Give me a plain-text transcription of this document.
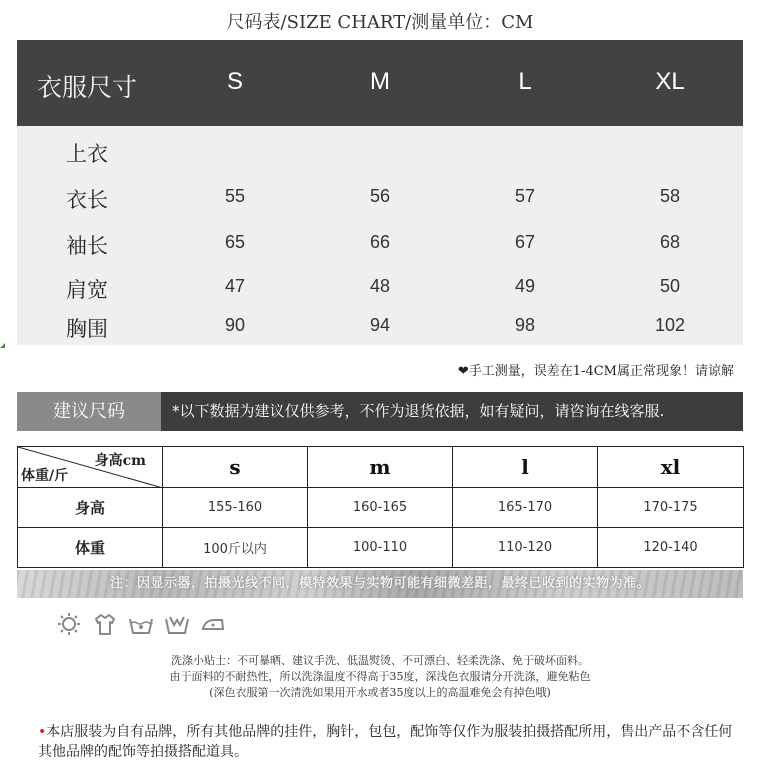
尺码表/SIZE CHART/测量单位：CM
衣服尺寸	S	M	L	XL
上衣
衣长	55	56	57	58
袖长	65	66	67	68
肩宽	47	48	49	50
胸围	90	94	98	102
❤手工测量，误差在1-4CM属正常现象！请谅解
建议尺码	*以下数据为建议仅供参考，不作为退货依据，如有疑问，请咨询在线客服.
身高cm
体重/斤	s	m	l	xl
身高	155-160	160-165	165-170	170-175
体重	100斤以内	100-110	110-120	120-140
注：因显示器，拍摄光线不同，模特效果与实物可能有细微差距，最终已收到的实物为准。
洗涤小贴士：不可暴晒、建议手洗、低温熨烫、不可漂白、轻柔洗涤、免于破坏面料。
由于面料的不耐热性，所以洗涤温度不得高于35度，深浅色衣服请分开洗涤，避免粘色
(深色衣服第一次清洗如果用开水或者35度以上的高温难免会有掉色哦)
•本店服装为自有品牌，所有其他品牌的挂件，胸针，包包，配饰等仅作为服装拍摄搭配所用，售出产品不含任何其他品牌的配饰等拍摄搭配道具。
